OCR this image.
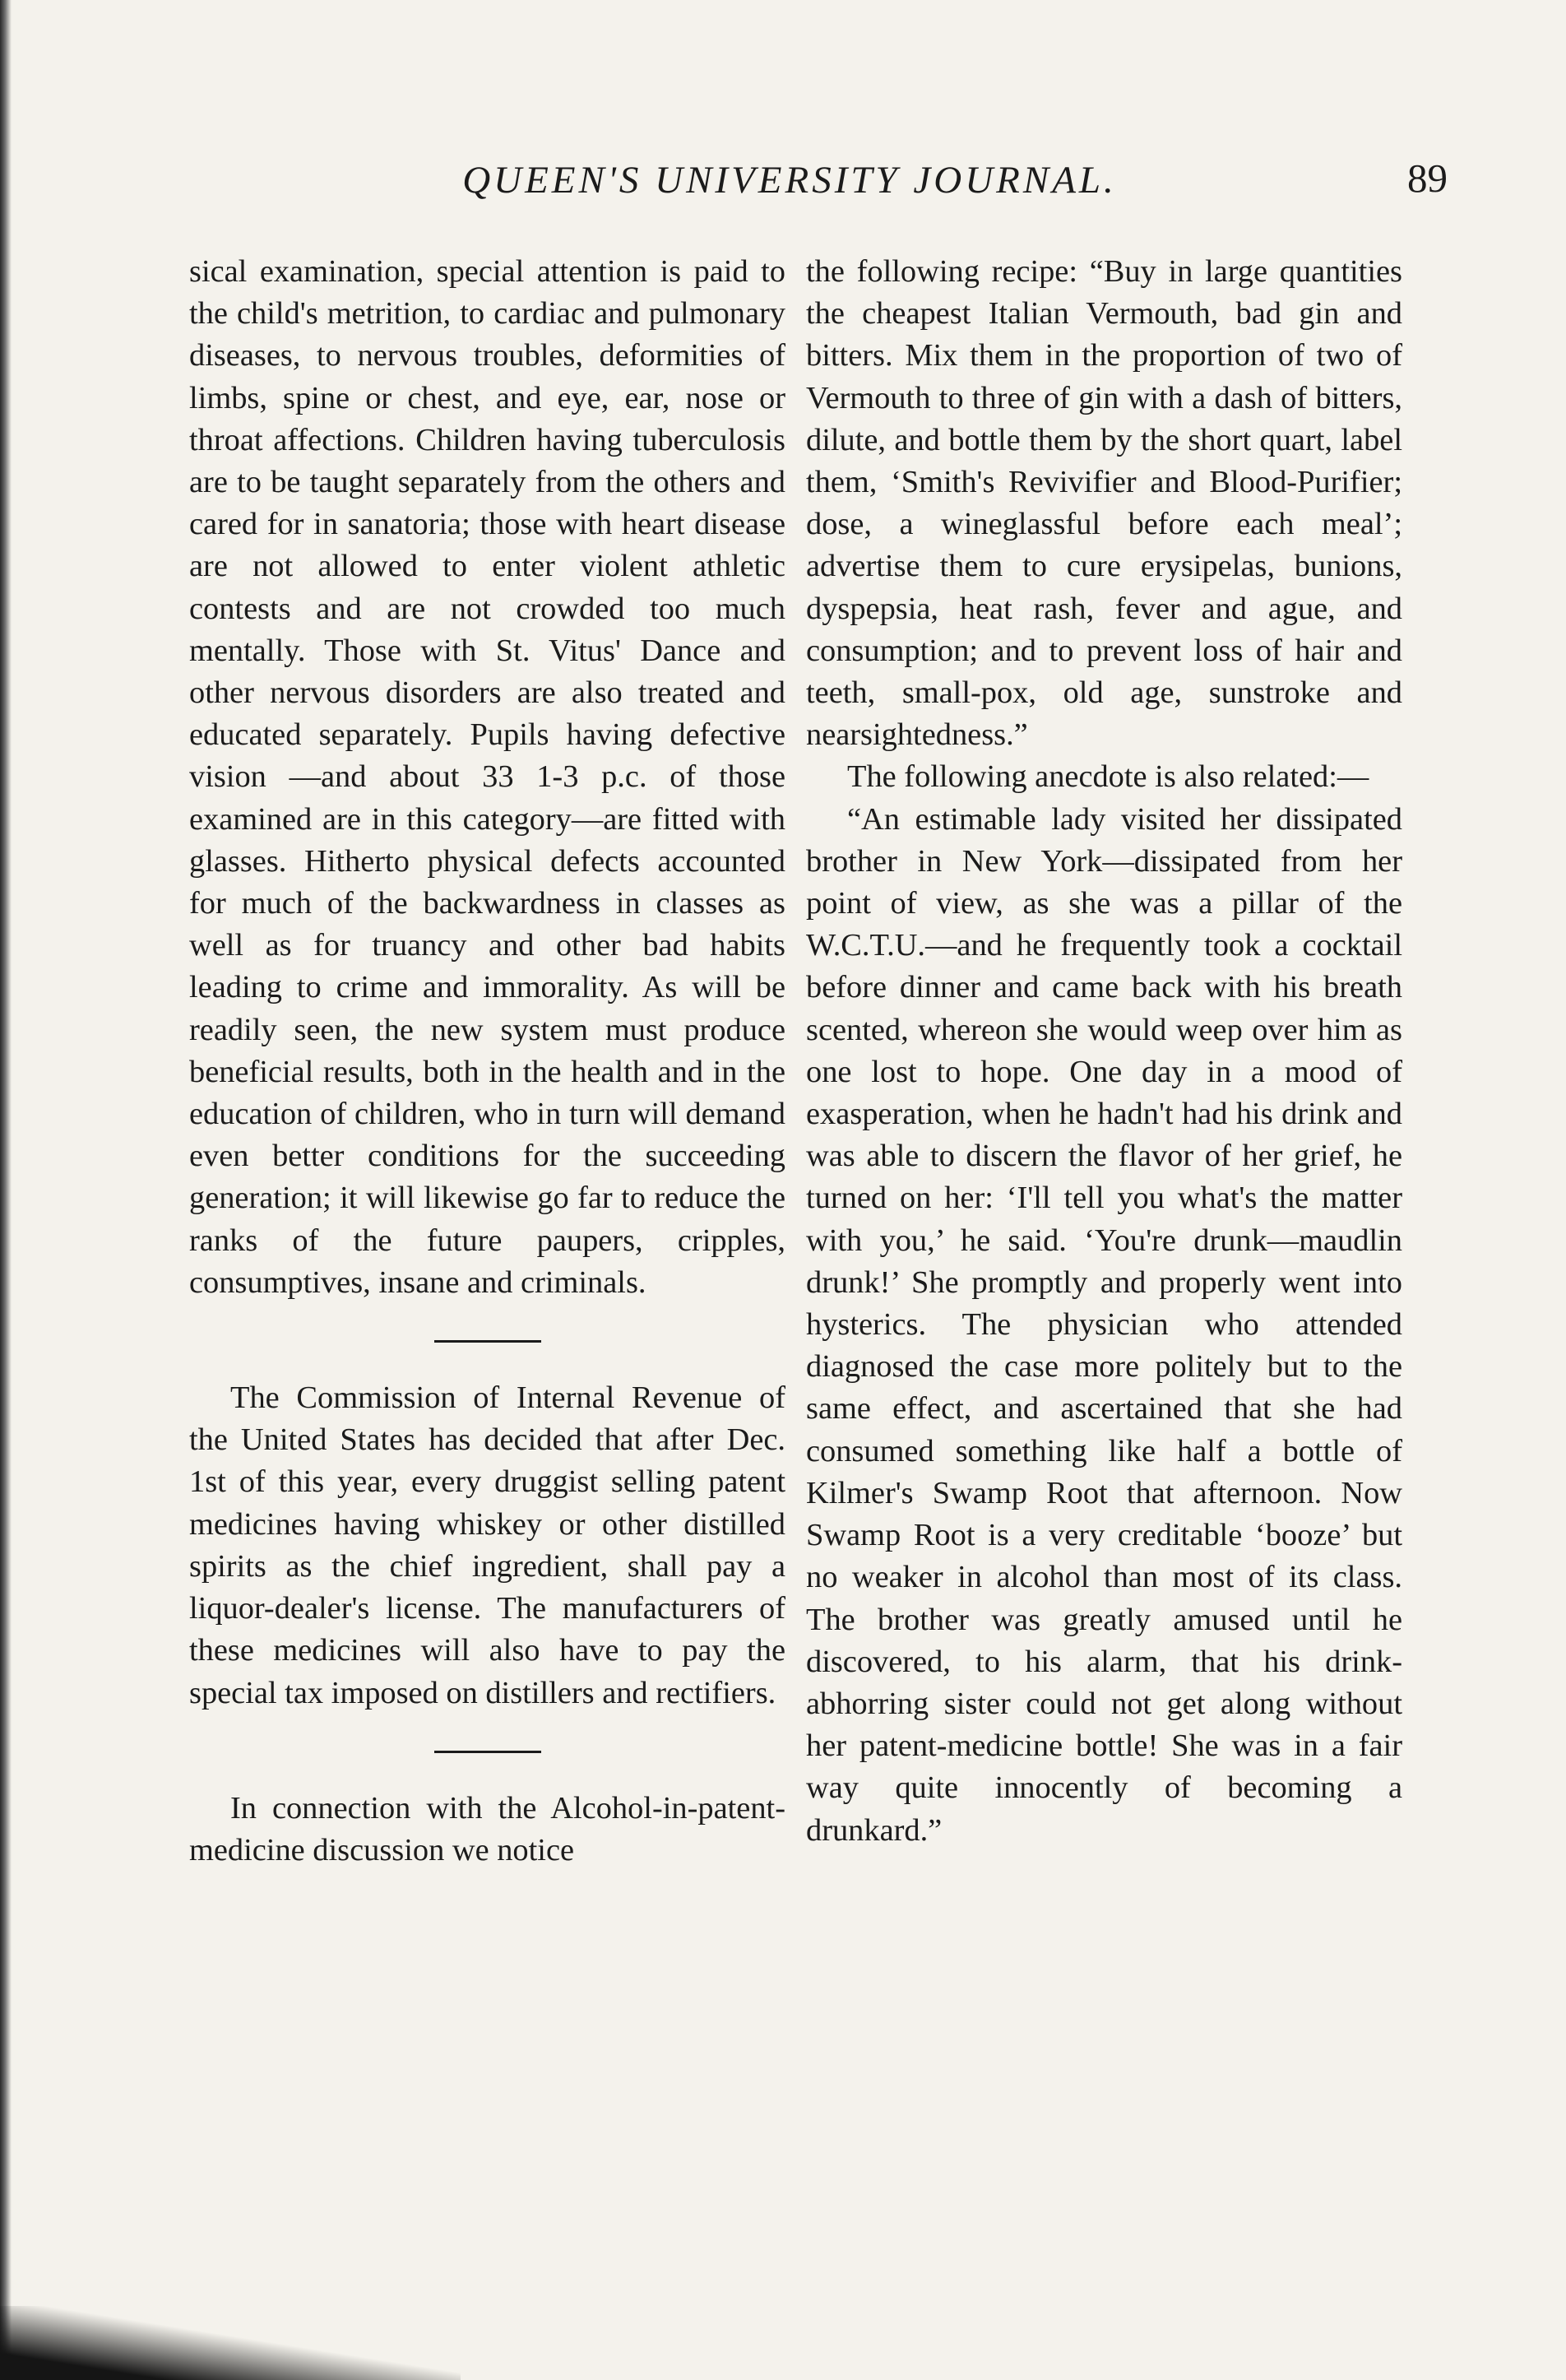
QUEEN'S UNIVERSITY JOURNAL.	89

sical examination, special attention is paid to the child's metrition, to cardiac and pulmonary diseases, to nervous troubles, deformities of limbs, spine or chest, and eye, ear, nose or throat affections. Children having tuberculosis are to be taught separately from the others and cared for in sanatoria; those with heart disease are not allowed to enter violent athletic contests and are not crowded too much mentally. Those with St. Vitus' Dance and other nervous disorders are also treated and educated separately. Pupils having defective vision —and about 33 1-3 p.c. of those examined are in this category—are fitted with glasses. Hitherto physical defects accounted for much of the backwardness in classes as well as for truancy and other bad habits leading to crime and immorality. As will be readily seen, the new system must produce beneficial results, both in the health and in the education of children, who in turn will demand even better conditions for the succeeding generation; it will likewise go far to reduce the ranks of the future paupers, cripples, consumptives, insane and criminals.

The Commission of Internal Revenue of the United States has decided that after Dec. 1st of this year, every druggist selling patent medicines having whiskey or other distilled spirits as the chief ingredient, shall pay a liquor-dealer's license. The manufacturers of these medicines will also have to pay the special tax imposed on distillers and rectifiers.

In connection with the Alcohol-in-patent-medicine discussion we notice

the following recipe: “Buy in large quantities the cheapest Italian Vermouth, bad gin and bitters. Mix them in the proportion of two of Vermouth to three of gin with a dash of bitters, dilute, and bottle them by the short quart, label them, ‘Smith's Revivifier and Blood-Purifier; dose, a wineglassful before each meal’; advertise them to cure erysipelas, bunions, dyspepsia, heat rash, fever and ague, and consumption; and to prevent loss of hair and teeth, small-pox, old age, sunstroke and nearsightedness.”

The following anecdote is also related:—

“An estimable lady visited her dissipated brother in New York—dissipated from her point of view, as she was a pillar of the W.C.T.U.—and he frequently took a cocktail before dinner and came back with his breath scented, whereon she would weep over him as one lost to hope. One day in a mood of exasperation, when he hadn't had his drink and was able to discern the flavor of her grief, he turned on her: ‘I'll tell you what's the matter with you,’ he said. ‘You're drunk—maudlin drunk!’ She promptly and properly went into hysterics. The physician who attended diagnosed the case more politely but to the same effect, and ascertained that she had consumed something like half a bottle of Kilmer's Swamp Root that afternoon. Now Swamp Root is a very creditable ‘booze’ but no weaker in alcohol than most of its class. The brother was greatly amused until he discovered, to his alarm, that his drink-abhorring sister could not get along without her patent-medicine bottle! She was in a fair way quite innocently of becoming a drunkard.”
